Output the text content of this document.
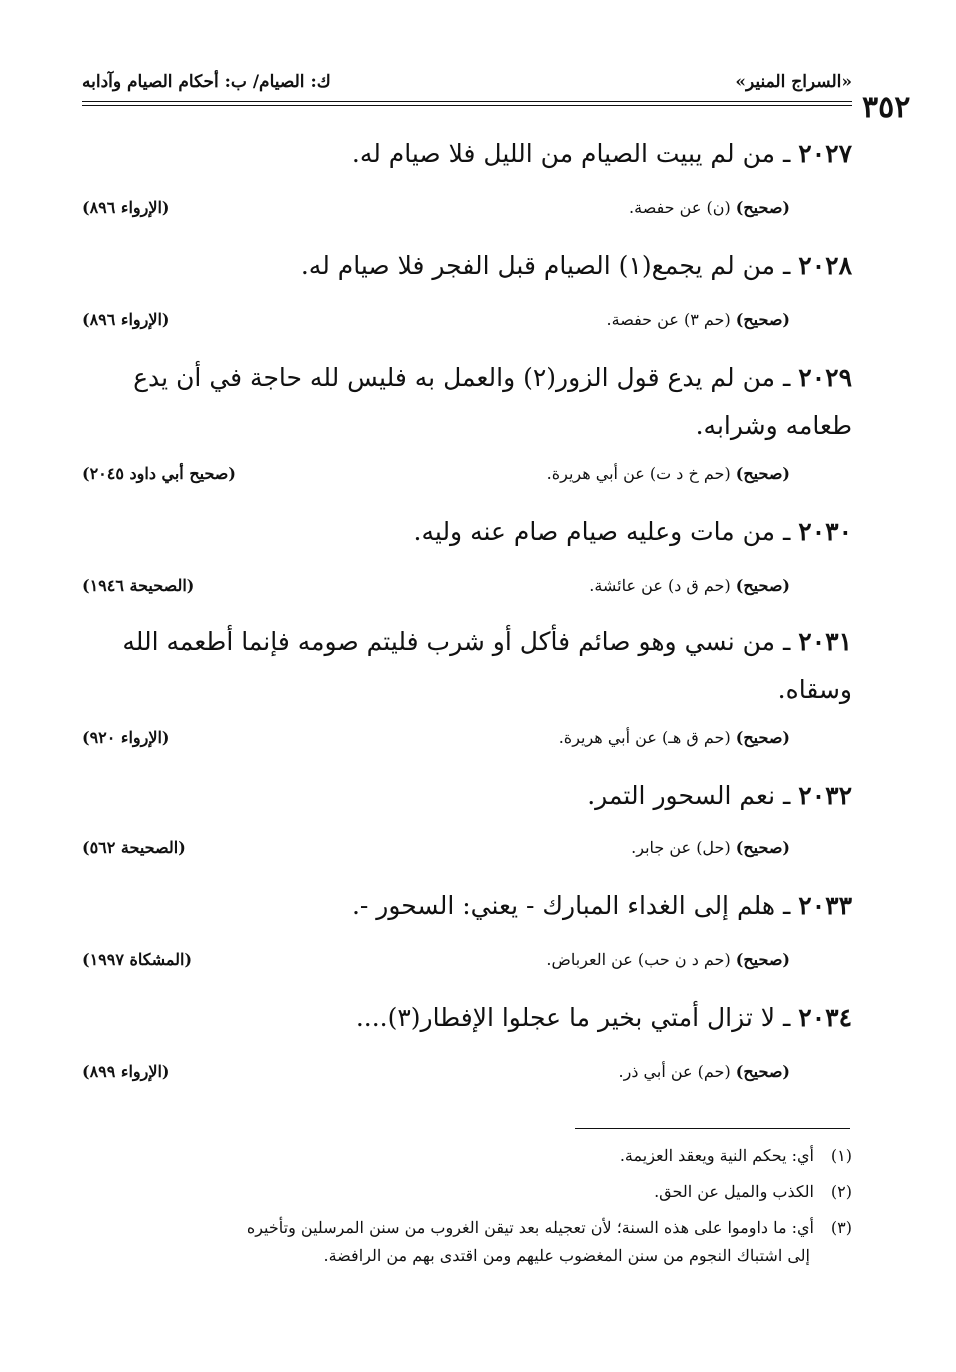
«السراج المنير»
ك: الصيام/ ب: أحكام الصيام وآدابه
٣٥٢
٢٠٢٧ ـ من لم يبيت الصيام من الليل فلا صيام له.
(صحيح) (ن) عن حفصة.
(الإرواء ٨٩٦)
٢٠٢٨ ـ من لم يجمع(١) الصيام قبل الفجر فلا صيام له.
(صحيح) (حم ٣) عن حفصة.
(الإرواء ٨٩٦)
٢٠٢٩ ـ من لم يدع قول الزور(٢) والعمل به فليس لله حاجة في أن يدع طعامه وشرابه.
(صحيح) (حم خ د ت) عن أبي هريرة.
(صحيح أبي داود ٢٠٤٥)
٢٠٣٠ ـ من مات وعليه صيام صام عنه وليه.
(صحيح) (حم ق د) عن عائشة.
(الصحيحة ١٩٤٦)
٢٠٣١ ـ من نسي وهو صائم فأكل أو شرب فليتم صومه فإنما أطعمه الله وسقاه.
(صحيح) (حم ق هـ) عن أبي هريرة.
(الإرواء ٩٢٠)
٢٠٣٢ ـ نعم السحور التمر.
(صحيح) (حل) عن جابر.
(الصحيحة ٥٦٢)
٢٠٣٣ ـ هلم إلى الغداء المبارك - يعني: السحور -.
(صحيح) (حم د ن حب) عن العرباض.
(المشكاة ١٩٩٧)
٢٠٣٤ ـ لا تزال أمتي بخير ما عجلوا الإفطار(٣)....
(صحيح) (حم) عن أبي ذر.
(الإرواء ٨٩٩)
(١)أي: يحكم النية ويعقد العزيمة.
(٢)الكذب والميل عن الحق.
(٣)أي: ما داوموا على هذه السنة؛ لأن تعجيله بعد تيقن الغروب من سنن المرسلين وتأخيره
إلى اشتباك النجوم من سنن المغضوب عليهم ومن اقتدى بهم من الرافضة.
